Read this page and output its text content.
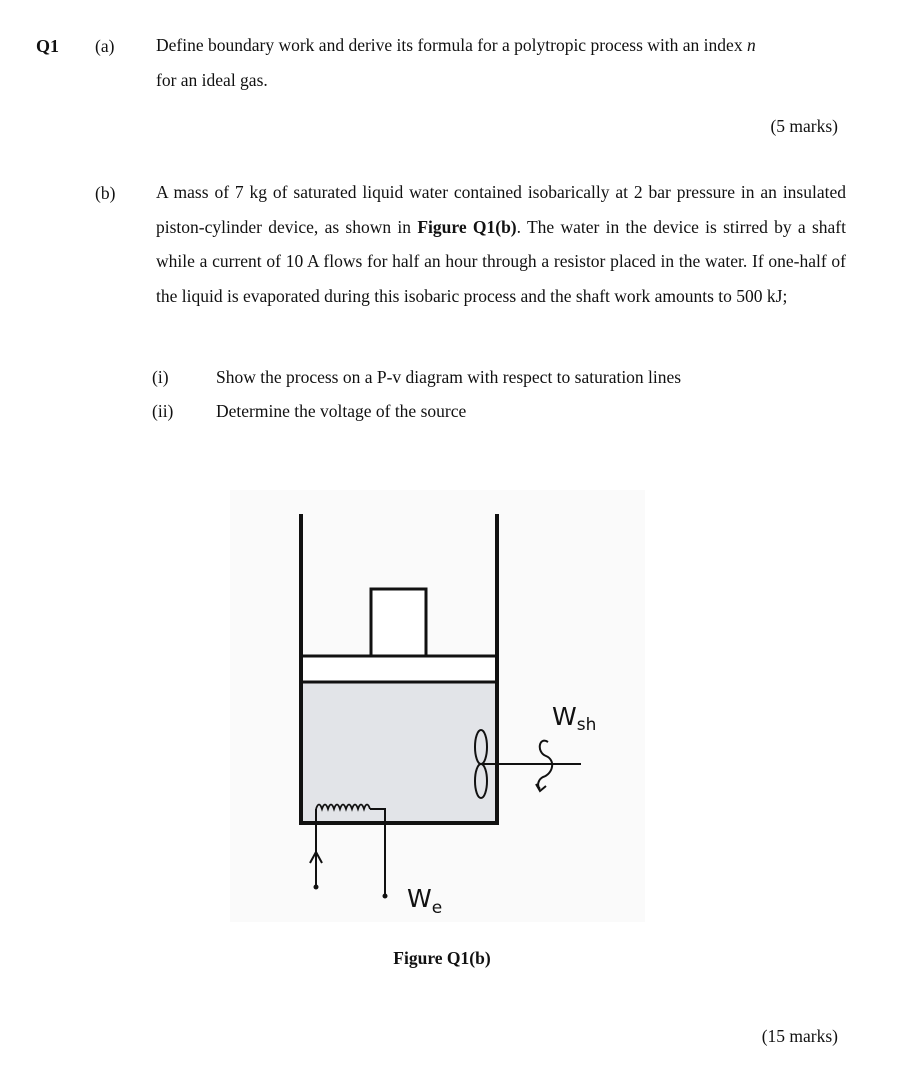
Q1 (a) Define boundary work and derive its formula for a polytropic process with an index n
for an ideal gas.
(5 marks)
(b) A mass of 7 kg of saturated liquid water contained isobarically at 2 bar pressure in an insulated piston-cylinder device, as shown in Figure Q1(b). The water in the device is stirred by a shaft while a current of 10 A flows for half an hour through a resistor placed in the water. If one-half of the liquid is evaporated during this isobaric process and the shaft work amounts to 500 kJ;
(i)	Show the process on a P-v diagram with respect to saturation lines
(ii) Determine the voltage of the source
$W_{sh}$
$W_e$
Figure Q1(b)
(15 marks)
